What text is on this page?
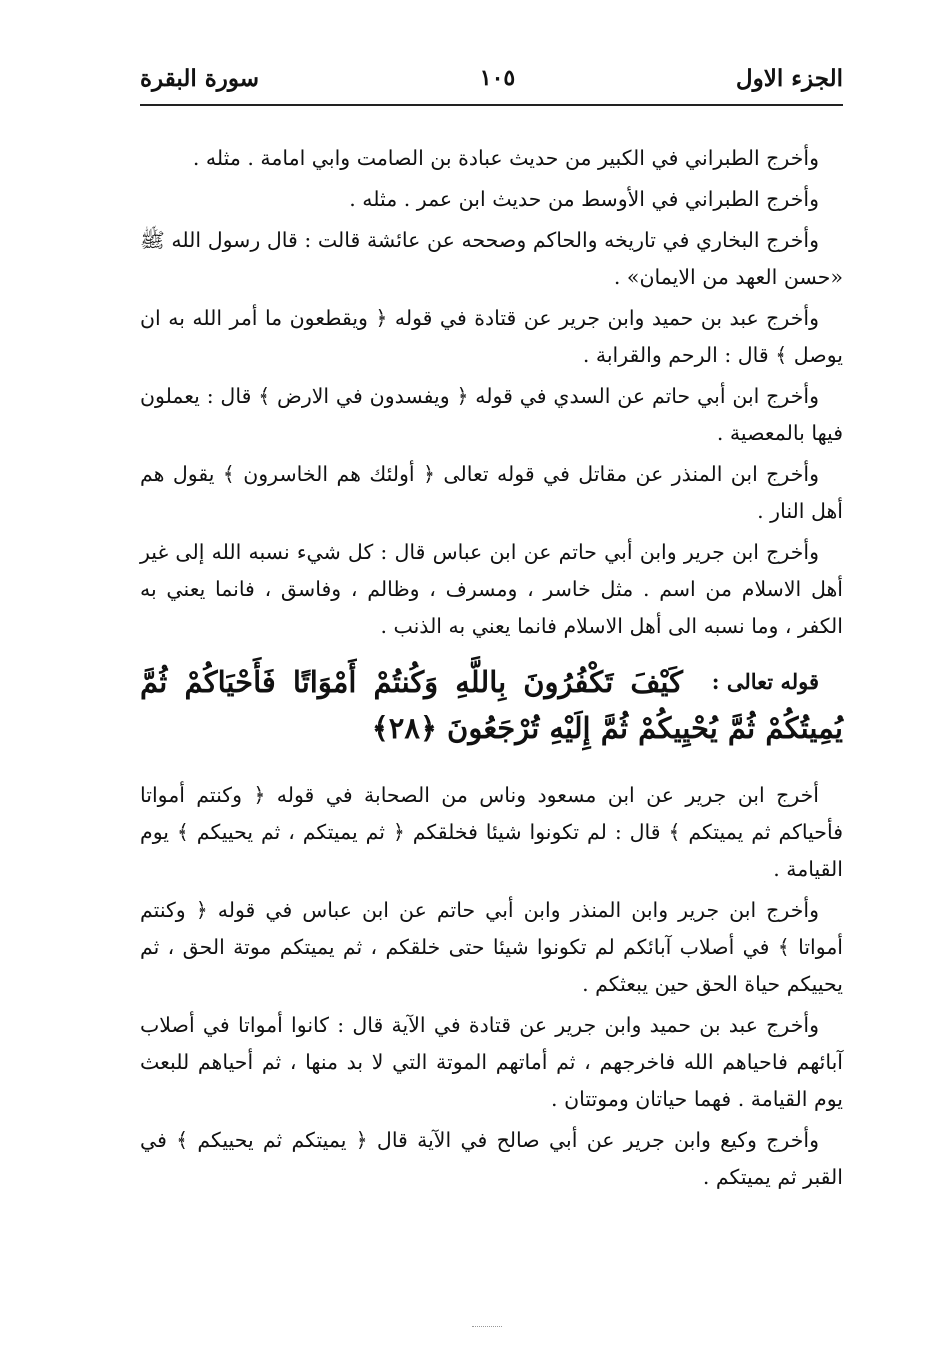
الجزء الاول
١٠٥
سورة البقرة

وأخرج الطبراني في الكبير من حديث عبادة بن الصامت وابي امامة . مثله .

وأخرج الطبراني في الأوسط من حديث ابن عمر . مثله .

وأخرج البخاري في تاريخه والحاكم وصححه عن عائشة قالت : قال رسول الله ﷺ «حسن العهد من الايمان» .

وأخرج عبد بن حميد وابن جرير عن قتادة في قوله ﴿ ويقطعون ما أمر الله به ان يوصل ﴾ قال : الرحم والقرابة .

وأخرج ابن أبي حاتم عن السدي في قوله ﴿ ويفسدون في الارض ﴾ قال : يعملون فيها بالمعصية .

وأخرج ابن المنذر عن مقاتل في قوله تعالى ﴿ أولئك هم الخاسرون ﴾ يقول هم أهل النار .

وأخرج ابن جرير وابن أبي حاتم عن ابن عباس قال : كل شيء نسبه الله إلى غير أهل الاسلام من اسم . مثل خاسر ، ومسرف ، وظالم ، وفاسق ، فانما يعني به الكفر ، وما نسبه الى أهل الاسلام فانما يعني به الذنب .

قوله تعالى :
كَيْفَ تَكْفُرُونَ بِاللَّهِ وَكُنتُمْ أَمْوَاتًا فَأَحْيَاكُمْ ثُمَّ يُمِيتُكُمْ ثُمَّ يُحْيِيكُمْ ثُمَّ إِلَيْهِ تُرْجَعُونَ ﴿٢٨﴾

أخرج ابن جرير عن ابن مسعود وناس من الصحابة في قوله ﴿ وكنتم أمواتا فأحياكم ثم يميتكم ﴾ قال : لم تكونوا شيئا فخلقكم ﴿ ثم يميتكم ، ثم يحييكم ﴾ يوم القيامة .

وأخرج ابن جرير وابن المنذر وابن أبي حاتم عن ابن عباس في قوله ﴿ وكنتم أمواتا ﴾ في أصلاب آبائكم لم تكونوا شيئا حتى خلقكم ، ثم يميتكم موتة الحق ، ثم يحييكم حياة الحق حين يبعثكم .

وأخرج عبد بن حميد وابن جرير عن قتادة في الآية قال : كانوا أمواتا في أصلاب آبائهم فاحياهم الله فاخرجهم ، ثم أماتهم الموتة التي لا بد منها ، ثم أحياهم للبعث يوم القيامة . فهما حياتان وموتتان .

وأخرج وكيع وابن جرير عن أبي صالح في الآية قال ﴿ يميتكم ثم يحييكم ﴾ في القبر ثم يميتكم .
